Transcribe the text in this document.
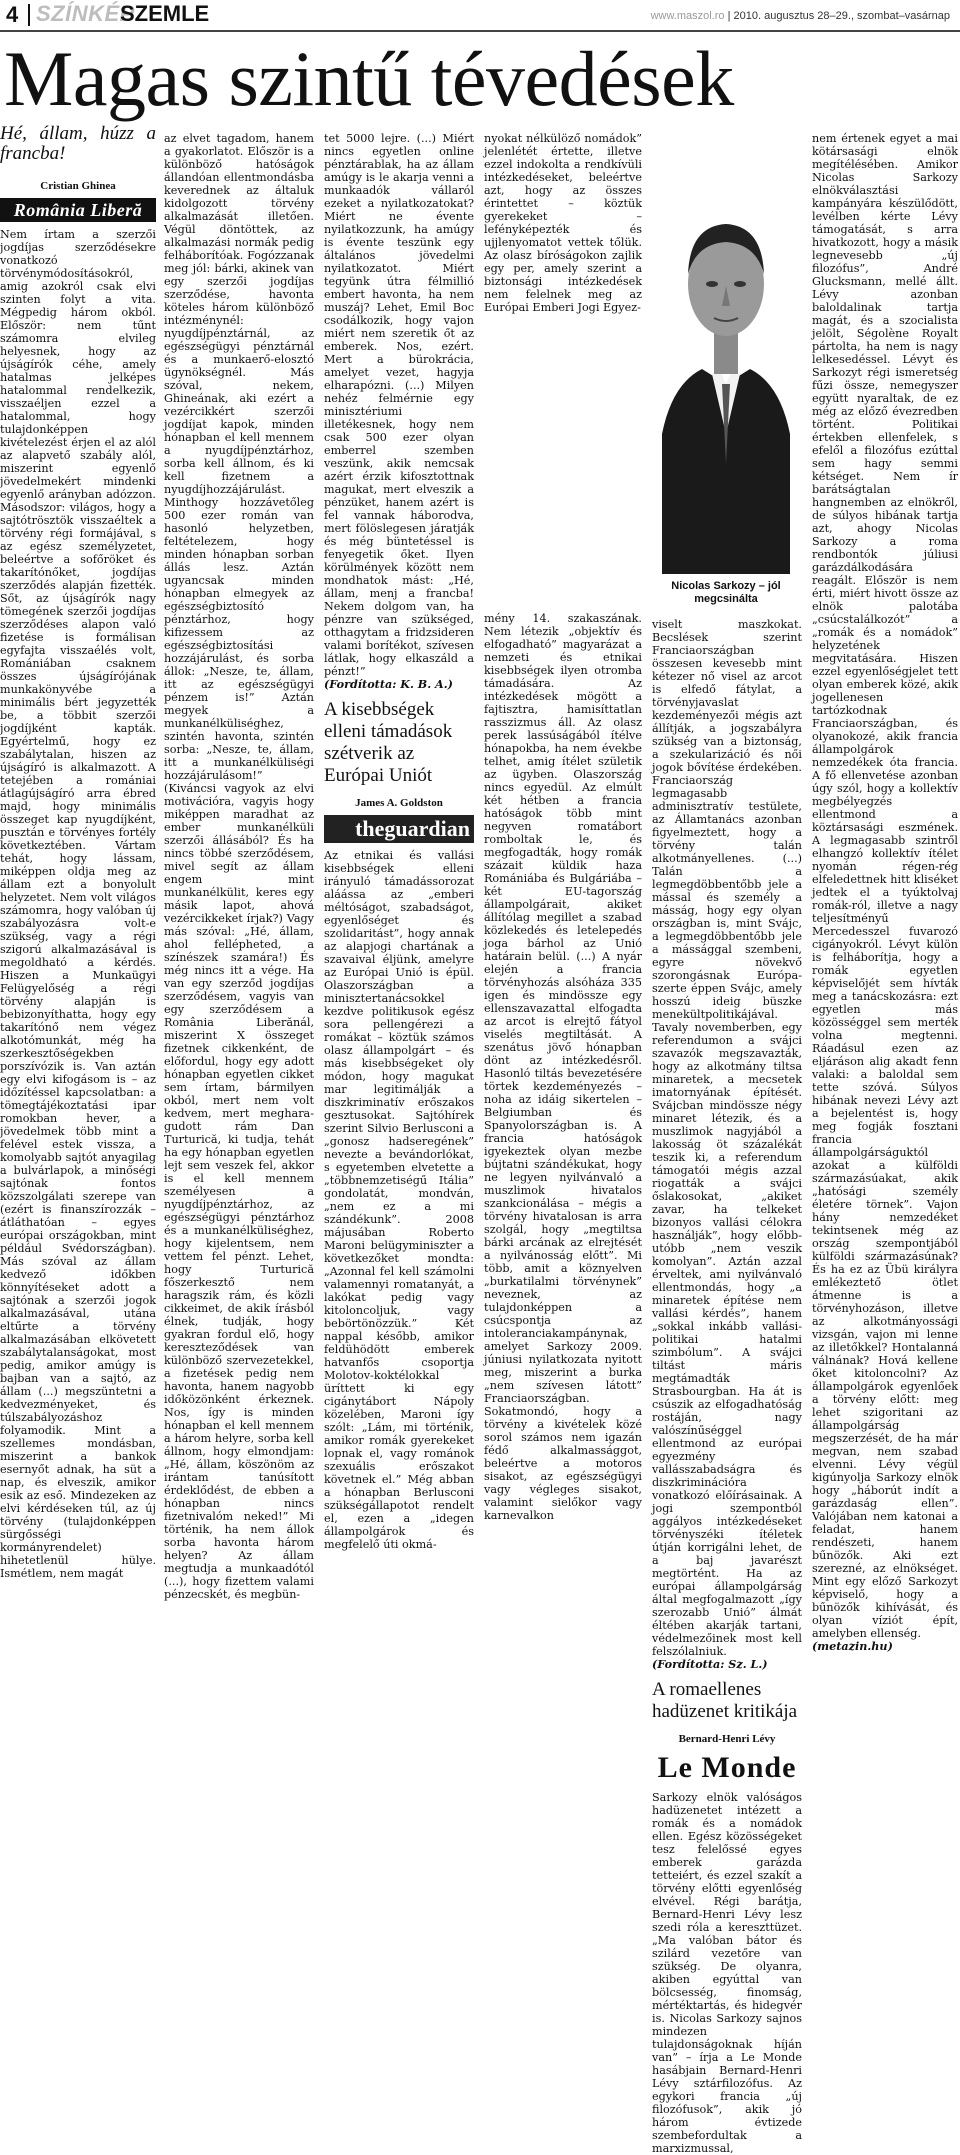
4 SZÍNKÉP
SZEMLE	www.maszol.ro | 2010. augusztus 28–29., szombat–vasárnap
Magas szintű tévedések
Hé, állam, húzz a francba!
Cristian Ghinea
România Liberă

Nem írtam a szerzői jogdíjas szerződésekre vonatkozó törvénymódosításokról, amig azokról csak elvi szinten folyt a vita. Mégpedig három okból. Először: nem tűnt számomra elvileg helyesnek, hogy az újságírók céhe, amely hatalmas jelképes hatalommal rendelkezik, visszaéljen ezzel a hatalommal, hogy tulajdonképpen kivételezést érjen el az alól az alapvető szabály alól, miszerint egyenlő jövedelmekért mindenki egyenlő arányban adózzon. Másodszor: világos, hogy a sajtótrösztök visszaéltek a törvény régi formájával, s az egész személyzetet, beleértve a sofőröket és takarítónőket, jogdíjas szerződés alapján fizették. Sőt, az újságírók nagy tömegének szerzői jogdíjas szerződéses alapon való fizetése is formálisan egyfajta visszaélés volt, Romániában csaknem összes újságírójának munkakönyvébe a minimális bért jegyzették be, a többit szerzői jogdíjként kapták. Egyértelmű, hogy ez szabálytalan, hiszen az újságíró is alkalmazott. A tetejében a romániai átlagújságíró arra ébred majd, hogy minimális összeget kap nyugdíjként, pusztán e törvényes fortély következtében. Vártam tehát, hogy lássam, miképpen oldja meg az állam ezt a bonyolult helyzetet. Nem volt világos számomra, hogy valóban új szabályozásra volt-e szükség, vagy a régi szigorú alkalmazásával is megoldható a kérdés. Hiszen a Munkaügyi Felügyelőség a régi törvény alapján is bebizonyíthatta, hogy egy takarítónő nem végez alkotómunkát, még ha szerkesztőségekben porszívózik is. Van aztán egy elvi kifogásom is – az időzítéssel kapcsolatban: a tömegtájékoztatási ipar romokban hever, a jövedelmek több mint a felével estek vissza, a komolyabb sajtót anyagilag a bulvárlapok, a minőségi sajtónak fontos közszolgálati szerepe van (ezért is finanszírozzák – átláthatóan – egyes európai országokban, mint például Svédországban). Más szóval az állam kedvező időkben könnyítéseket adott a sajtónak a szerzői jogok alkalmazásával, utána eltűrte a törvény alkalmazásában elkövetett szabálytalanságokat, most pedig, amikor amúgy is bajban van a sajtó, az állam (...) megszüntetni a kedvezményeket, és túlszabályozáshoz folyamodik. Mint a szellemes mondásban, miszerint a bankok esernyőt adnak, ha süt a nap, és elveszik, amikor esik az eső. Mindezeken az elvi kérdéseken túl, az új törvény (tulajdonképpen sürgősségi kormányrendelet) hihetetlenül hülye. Ismétlem, nem magát

az elvet tagadom, hanem a gyakorlatot. Először is a különböző hatóságok állandóan ellentmondásba keverednek az általuk kidolgozott törvény alkalmazását illetően. Végül döntöttek, az alkalmazási normák pedig felháborítóak. Fogózzanak meg jól: bárki, akinek van egy szerzői jogdíjas szerződése, havonta köteles három különböző intézménynél: nyugdíjpénztárnál, az egészségügyi pénztárnál és a munkaerő-elosztó ügynökségnél. Más szóval, nekem, Ghineának, aki ezért a vezércikkért szerzői jogdíjat kapok, minden hónapban el kell mennem a nyugdíjpénztárhoz, sorba kell állnom, és ki kell fizetnem a nyugdíjhozzájárulást. Minthogy hozzávetőleg 500 ezer román van hasonló helyzetben, feltételezem, hogy minden hónapban sorban állás lesz. Aztán ugyancsak minden hónapban elmegyek az egészségbiztosító pénztárhoz, hogy kifizessem az egészségbiztosítási hozzájárulást, és sorba állok: „Nesze, te, állam, itt az egészségügyi pénzem is!” Aztán megyek a munkanélküliséghez, szintén havonta, szintén sorba: „Nesze, te, állam, itt a munkanélküliségi hozzájárulásom!” (Kiváncsi vagyok az elvi motivációra, vagyis hogy miképpen maradhat az ember munkanélküli szerzői állásából? És ha nincs többé szerződésem, mivel segít az állam engem mint munkanélkülit, keres egy másik lapot, ahová vezércikkeket írjak?) Vagy más szóval: „Hé, állam, ahol fellépheted, a színészek szamára!) És még nincs itt a vége. Ha van egy szerződ jogdíjas szerződésem, vagyis van egy szerződésem a România Liberănál, miszerint X összeget fizetnek cikkenként, de előfordul, hogy egy adott hónapban egyetlen cikket sem írtam, bármilyen okból, mert nem volt kedvem, mert meghara-gudott rám Dan Turturică, ki tudja, tehát ha egy hónapban egyetlen lejt sem veszek fel, akkor is el kell mennem személyesen a nyugdíjpénztárhoz, az egészségügyi pénztárhoz és a munkanélküliséghez, hogy kijelentsem, nem vettem fel pénzt. Lehet, hogy Turturică főszerkesztő nem haragszik rám, és közli cikkeimet, de akik írásból élnek, tudják, hogy gyakran fordul elő, hogy kereszteződések van különböző szervezetekkel, a fizetések pedig nem havonta, hanem nagyobb időközönként érkeznek. Nos, így is minden hónapban el kell mennem a három helyre, sorba kell állnom, hogy elmondjam: „Hé, állam, köszönöm az irántam tanúsított érdeklődést, de ebben a hónapban nincs fizetnivalóm neked!” Mi történik, ha nem állok sorba havonta három helyen? Az állam megtudja a munkaadótól (...), hogy fizettem valami pénzecskét, és megbün-

tet 5000 lejre. (...) Miért nincs egyetlen online pénztárablak, ha az állam amúgy is le akarja venni a munkaadók vállaról ezeket a nyilatkozatokat? Miért ne évente nyilatkozzunk, ha amúgy is évente teszünk egy általános jövedelmi nyilatkozatot. Miért tegyünk útra félmillió embert havonta, ha nem muszáj? Lehet, Emil Boc csodálkozik, hogy vajon miért nem szeretik őt az emberek. Nos, ezért. Mert a bürokrácia, amelyet vezet, hagyja elharapózni. (...) Milyen nehéz felmérnie egy minisztériumi illetékesnek, hogy nem csak 500 ezer olyan emberrel szemben veszünk, akik nemcsak azért érzik kifosztottnak magukat, mert elveszik a pénzüket, hanem azért is fel vannak háborodva, mert fölöslegesen járatják és még büntetéssel is fenyegetik őket. Ilyen körülmények között nem mondhatok mást: „Hé, állam, menj a francba! Nekem dolgom van, ha pénzre van szükséged, otthagytam a fridzsideren valami borítékot, szívesen látlak, hogy elkaszáld a pénzt!”

(Fordította: K. B. A.)

A kisebbségek elleni támadások szétverik az Európai Uniót
James A. Goldston
theguardian

Az etnikai és vallási kisebbségek elleni irányuló támadássorozat aláássa az „emberi méltóságot, szabadságot, egyenlőséget és szolidaritást”, hogy annak az alapjogi chartának a szavaival éljünk, amelyre az Európai Unió is épül. Olaszországban a minisztertanácsokkel kezdve politikusok egész sora pellengérezi a romákat – köztük számos olasz állampolgárt – és más kisebbségeket oly módon, hogy magukat mar legitimálják a diszkriminatív erőszakos gesztusokat. Sajtóhírek szerint Silvio Berlusconi a „gonosz hadseregének” nevezte a bevándorlókat, s egyetemben elvetette a „többnemzetiségű Itália” gondolatát, mondván, „nem ez a mi szándékunk”. 2008 májusában Roberto Maroni belügyminiszter a következőket mondta: „Azonnal fel kell számolni valamennyi romatanyát, a lakókat pedig vagy kitoloncoljuk, vagy bebörtönözzük.” Két nappal később, amikor feldühödött emberek hatvanfős csoportja Molotov-koktélokkal üríttett ki egy cigánytábort Nápoly közelében, Maroni így szólt: „Lám, mi történik, amikor romák gyerekeket lopnak el, vagy románok szexuális erőszakot követnek el.” Még abban a hónapban Berlusconi szükségállapotot rendelt el, ezen a „idegen állampolgárok és megfelelő úti okmá-

nyokat nélkülöző nomádok” jelenlétét értette, illetve ezzel indokolta a rendkívüli intézkedéseket, beleértve azt, hogy az összes érintettet – köztük gyerekeket – lefényképezték és ujjlenyomatot vettek tőlük. Az olasz bíróságokon zajlik egy per, amely szerint a biztonsági intézkedések nem felelnek meg az Európai Emberi Jogi Egyez-

Nicolas Sarkozy – jól megcsinálta

mény 14. szakaszának. Nem létezik „objektív és elfogadható” magyarázat a nemzeti és etnikai kisebbségek ilyen otromba támadására. Az intézkedések mögött a fajtisztra, hamisíttatlan rasszizmus áll. Az olasz perek lassúságából ítélve hónapokba, ha nem évekbe telhet, amig ítélet születik az ügyben. Olaszország nincs egyedül. Az elmúlt két hétben a francia hatóságok több mint negyven romatábort romboltak le, és megfogadták, hogy romák százait küldik haza Romániába és Bulgáriába – két EU-tagország állampolgárait, akiket állítólag megillet a szabad közlekedés és letelepedés joga bárhol az Unió határain belül. (...) A nyár elején a francia törvényhozás alsóháza 335 igen és mindössze egy ellenszavazattal elfogadta az arcot is elrejtő fátyol viselés megtiltását. A szenátus jövő hónapban dönt az intézkedésről. Hasonló tiltás bevezetésére törtek kezdeményezés – noha az idáig sikertelen – Belgiumban és Spanyolországban is. A francia hatóságok igyekeztek olyan mezbe bújtatni szándékukat, hogy ne legyen nyilvánvaló a muszlimok hivatalos szankcionálása – mégis a törvény hivatalosan is arra szolgál, hogy „megtiltsa bárki arcának az elrejtését a nyilvánosság előtt”. Mi több, amit a köznyelven „burkatilalmi törvénynek” neveznek, az tulajdonképpen a csúcspontja az intoleranciakampánynak, amelyet Sarkozy 2009. júniusi nyilatkozata nyitott meg, miszerint a burka „nem szívesen látott” Franciaországban. Sokatmondó, hogy a törvény a kivételek közé sorol számos nem igazán fédő alkalmassággot, beleértve a motoros sisakot, az egészségügyi vagy végleges sisakot, valamint sielőkor vagy karnevalkon

viselt maszkokat. Becslések szerint Franciaországban összesen kevesebb mint kétezer nő visel az arcot is elfedő fátylat, a törvényjavaslat kezdeményezői mégis azt állítják, a jogszabályra szükség van a biztonság, a szekularizáció és női jogok bővítése érdekében. Franciaország legmagasabb adminisztratív testülete, az Államtanács azonban figyelmeztett, hogy a törvény talán alkotmányellenes. (...) Talán a legmegdöbbentőbb jele a mással és személy a másság, hogy egy olyan országban is, mint Svájc, a legmegdöbbentőbb jele a mássággal szembeni, egyre növekvő szorongásnak Európa-szerte éppen Svájc, amely hosszú ideig büszke menekültpolitikájával. Tavaly novemberben, egy referendumon a svájci szavazók megszavazták, hogy az alkotmány tiltsa minaretek, a mecsetek imatornyának építését. Svájcban mindössze négy minaret létezik, és a muszlimok nagyjából a lakosság öt százalékát teszik ki, a referendum támogatói mégis azzal riogatták a svájci őslakosokat, „akiket zavar, ha telkeket bizonyos vallási célokra használják”, hogy előbb-utóbb „nem veszik komolyan”. Aztán azzal érveltek, ami nyilvánvaló ellentmondás, hogy „a minaretek építése nem vallási kérdés”, hanem „sokkal inkább vallási-politikai hatalmi szimbólum”. A svájci tiltást máris megtámadták Strasbourgban. Ha át is csúszik az elfogadhatóság rostáján, nagy valószínűséggel ellentmond az európai egyezmény vallásszabadságra és diszkriminációra vonatkozó előírásainak. A jogi szempontból aggályos intézkedéseket törvényszéki ítéletek útján korrigálni lehet, de a baj javarészt megtörtént. Ha az európai állampolgárság által megfogalmazott „így szerozabb Unió” álmát éltében akarják tartani, védelmezőinek most kell felszólalniuk.

(Fordította: Sz. L.)

A romaellenes hadüzenet kritikája
Bernard-Henri Lévy
Le Monde

Sarkozy elnök valóságos hadüzenetet intézett a romák és a nomádok ellen. Egész közösségeket tesz felelőssé egyes emberek garázda tetteiért, és ezzel szakít a törvény előtti egyenlőség elvével. Régi barátja, Bernard-Henri Lévy lesz szedi róla a kereszttüzet. „Ma valóban bátor és szilárd vezetőre van szükség. De olyanra, akiben egyúttal van bölcsesség, finomság, mértéktartás, és hidegvér is. Nicolas Sarkozy sajnos mindezen tulajdonságoknak híján van” – írja a Le Monde hasábjain Bernard-Henri Lévy sztárfilozófus. Az egykori francia „új filozófusok”, akik jó három évtizede szembefordultak a marxizmussal,

nem értenek egyet a mai kötársasági elnök megítélésében. Amikor Nicolas Sarkozy elnökválasztási kampányára készülődött, levélben kérte Lévy támogatását, s arra hivatkozott, hogy a másik legnevesebb „új filozófus”, André Glucksmann, mellé állt. Lévy azonban baloldalinak tartja magát, és a szocialista jelölt, Ségolène Royalt pártolta, ha nem is nagy lelkesedéssel. Lévyt és Sarkozyt régi ismeretség fűzi össze, nemegyszer együtt nyaraltak, de ez még az előző évezredben történt. Politikai értekben ellenfelek, s efelől a filozófus ezúttal sem hagy semmi kétséget. Nem ír barátságtalan hangnemben az elnökről, de súlyos hibának tartja azt, ahogy Nicolas Sarkozy a roma rendbontók júliusi garázdálkodására reagált. Először is nem érti, miért hivott össze az elnök palotába „csúcstalálkozót” a „romák és a nomádok” helyzetének megvitatására. Hiszen ezzel egyenlőségjelet tett olyan emberek közé, akik jogellenesen tartózkodnak Franciaországban, és olyanokozé, akik francia állampolgárok nemzedékek óta francia. A fő ellenvetése azonban úgy szól, hogy a kollektív megbélyegzés ellentmond a köztársasági eszmének. A legmagasabb szintről elhangzó kollektív ítélet nyomán régen-rég elfeledettnek hitt kliséket jedtek el a tyúktolvaj romák-ról, illetve a nagy teljesítményű Mercedesszel fuvarozó cigányokról. Lévyt külön is felháborítja, hogy a romák egyetlen képviselőjét sem hívták meg a tanácskozásra: ezt egyetlen más közösséggel sem merték volna megtenni. Ráadásul ezen az eljáráson alig akadt fenn valaki: a baloldal sem tette szóvá. Súlyos hibának nevezi Lévy azt a bejelentést is, hogy meg fogják fosztani francia állampolgárságuktól azokat a külföldi származásúakat, akik „hatósági személy életére törnek”. Vajon hány nemzedéket tekintsenek még az ország szempontjából külföldi származásúnak? És ha ez az Übü királyra emlékeztető ötlet átmenne is a törvényhozáson, illetve az alkotmányossági vizsgán, vajon mi lenne az illetőkkel? Hontalanná válnának? Hová kellene őket kitoloncolni? Az állampolgárok egyenlőek a törvény előtt: meg lehet szigoritani az állampolgárság megszerzését, de ha már megvan, nem szabad elvenni. Lévy végül kigúnyolja Sarkozy elnök hogy „háborút indít a garázdaság ellen”. Valójában nem katonai a feladat, hanem rendészeti, hanem bűnözők. Aki ezt szerezné, az elnökséget. Mint egy előző Sarkozyt képviselő, hogy a bűnözők kihívását, és olyan víziót épít, amelyben ellenség.

(metazin.hu)
